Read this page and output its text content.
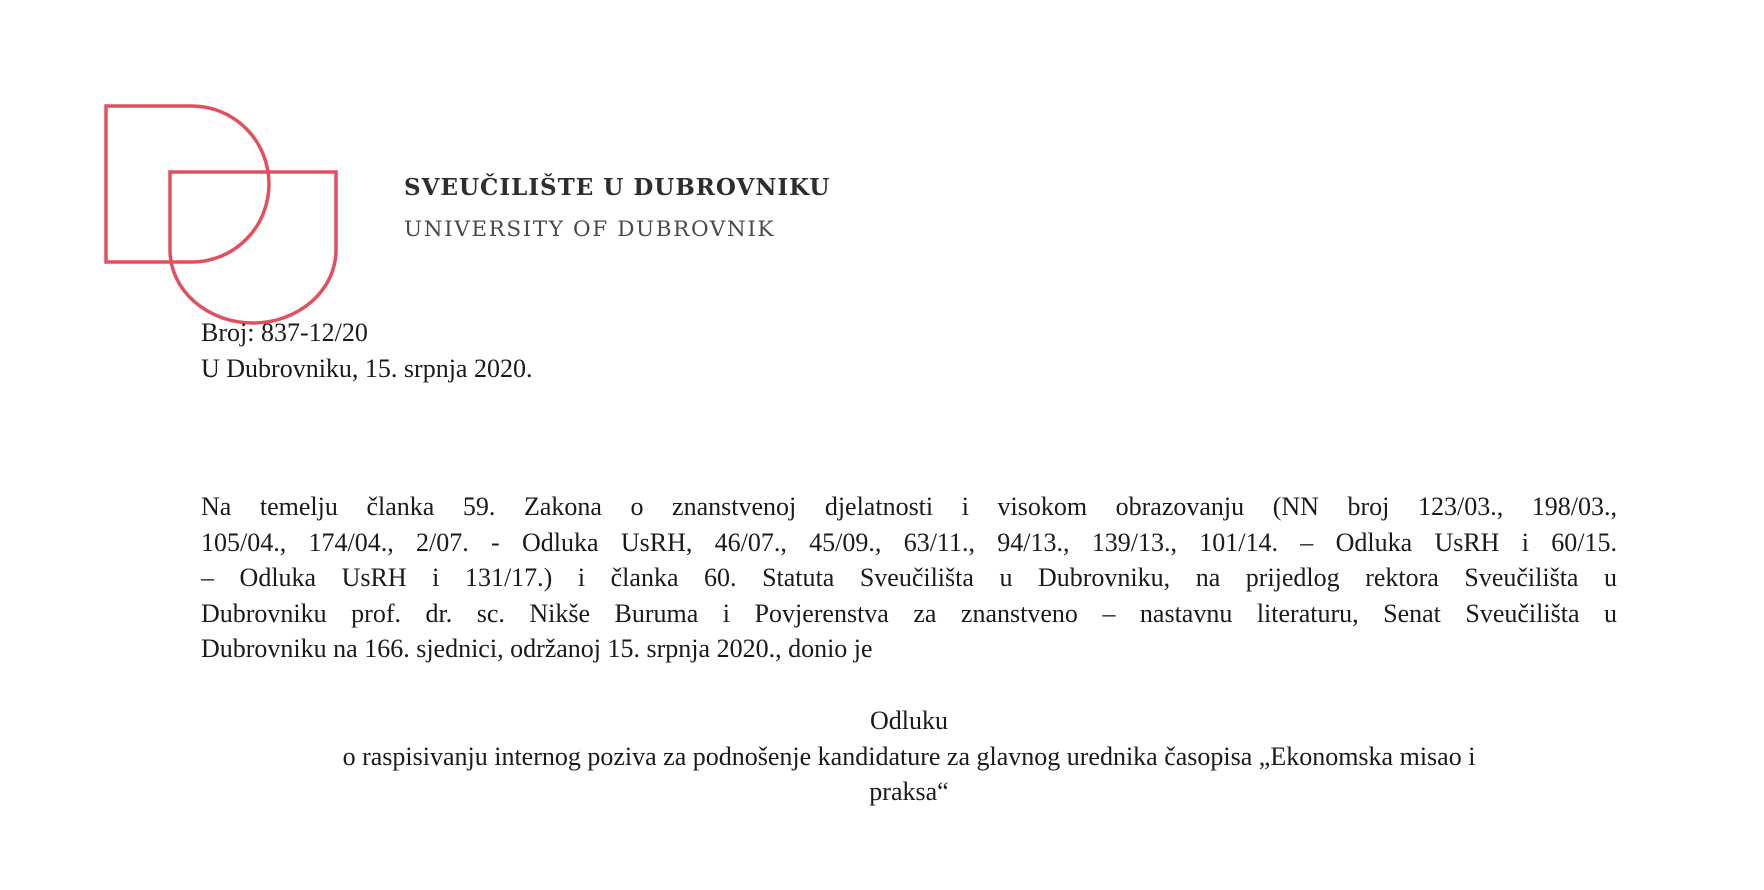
SVEUČILIŠTE U DUBROVNIKU
UNIVERSITY OF DUBROVNIK
Broj: 837-12/20
U Dubrovniku, 15. srpnja 2020.
Na temelju članka 59. Zakona o znanstvenoj djelatnosti i visokom obrazovanju (NN broj 123/03., 198/03.,
105/04., 174/04., 2/07. - Odluka UsRH, 46/07., 45/09., 63/11., 94/13., 139/13., 101/14. – Odluka UsRH i 60/15.
– Odluka UsRH i 131/17.) i članka 60. Statuta Sveučilišta u Dubrovniku, na prijedlog rektora Sveučilišta u
Dubrovniku prof. dr. sc. Nikše Buruma i Povjerenstva za znanstveno – nastavnu literaturu, Senat Sveučilišta u
Dubrovniku na 166. sjednici, održanoj 15. srpnja 2020., donio je
Odluku
o raspisivanju internog poziva za podnošenje kandidature za glavnog urednika časopisa „Ekonomska misao i
praksa“
